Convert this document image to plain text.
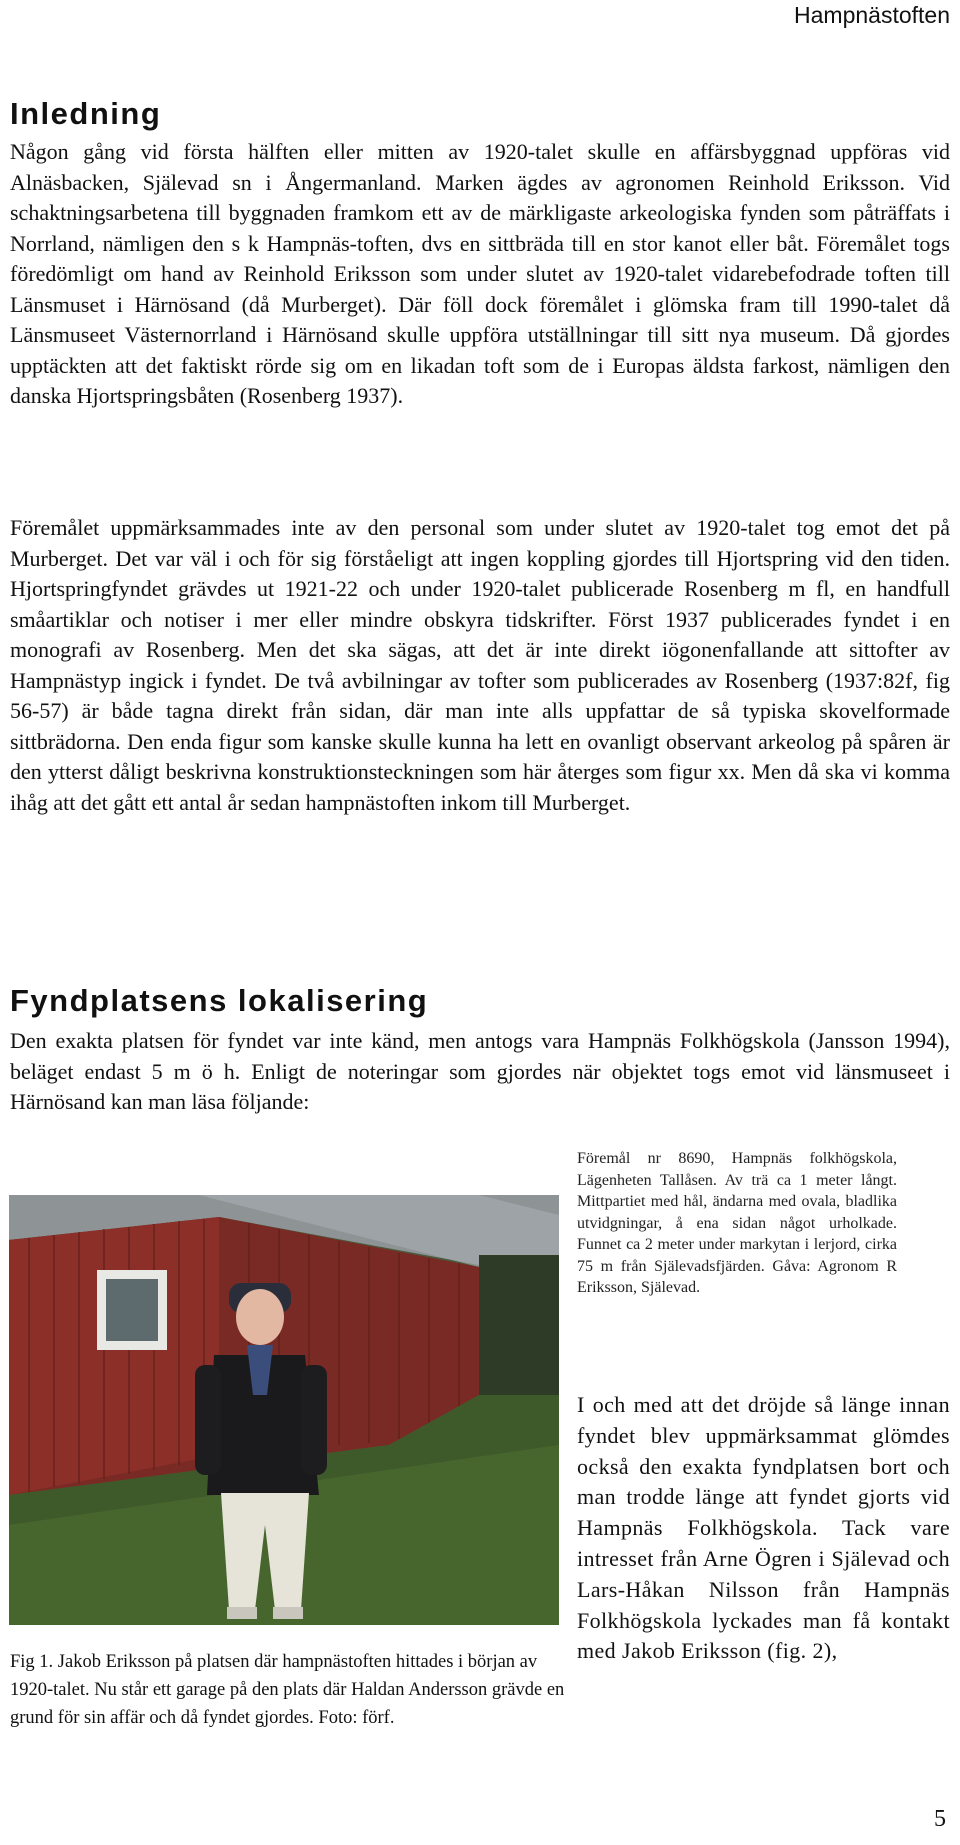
Hampnästoften
Inledning

Någon gång vid första hälften eller mitten av 1920-talet skulle en affärsbyggnad uppföras vid Alnäsbacken, Själevad sn i Ångermanland. Marken ägdes av agronomen Reinhold Eriksson. Vid schaktningsarbetena till byggnaden framkom ett av de märkligaste arkeologiska fynden som påträffats i Norrland, nämligen den s k Hampnäs-toften, dvs en sittbräda till en stor kanot eller båt. Föremålet togs föredömligt om hand av Reinhold Eriksson som under slutet av 1920-talet vidarebefodrade toften till Länsmuset i Härnösand (då Murberget). Där föll dock föremålet i glömska fram till 1990-talet då Länsmuseet Västernorrland i Härnösand skulle uppföra utställningar till sitt nya museum. Då gjordes upptäckten att det faktiskt rörde sig om en likadan toft som de i Europas äldsta farkost, nämligen den danska Hjortspringsbåten (Rosenberg 1937).

Föremålet uppmärksammades inte av den personal som under slutet av 1920-talet tog emot det på Murberget. Det var väl i och för sig förståeligt att ingen koppling gjordes till Hjortspring vid den tiden. Hjortspringfyndet grävdes ut 1921-22 och under 1920-talet publicerade Rosenberg m fl, en handfull småartiklar och notiser i mer eller mindre obskyra tidskrifter. Först 1937 publicerades fyndet i en monografi av Rosenberg. Men det ska sägas, att det är inte direkt iögonenfallande att sittofter av Hampnästyp ingick i fyndet. De två avbilningar av tofter som publicerades av Rosenberg (1937:82f, fig 56-57) är både tagna direkt från sidan, där man inte alls uppfattar de så typiska skovelformade sittbrädorna. Den enda figur som kanske skulle kunna ha lett en ovanligt observant arkeolog på spåren är den ytterst dåligt beskrivna konstruktionsteckningen som här återges som figur xx. Men då ska vi komma ihåg att det gått ett antal år sedan hampnästoften inkom till Murberget.

Fyndplatsens lokalisering

Den exakta platsen för fyndet var inte känd, men antogs vara Hampnäs Folkhögskola (Jansson 1994), beläget endast 5 m ö h. Enligt de noteringar som gjordes när objektet togs emot vid länsmuseet i Härnösand kan man läsa följande:

Fig 1. Jakob Eriksson på platsen där hampnästoften hittades i början av 1920-talet. Nu står ett garage på den plats där Haldan Andersson grävde en grund för sin affär och då fyndet gjordes. Foto: förf.

Föremål nr 8690, Hampnäs folkhögskola, Lägenheten Tallåsen. Av trä ca 1 meter långt. Mittpartiet med hål, ändarna med ovala, bladlika utvidgningar, å ena sidan något urholkade. Funnet ca 2 meter under markytan i lerjord, cirka 75 m från Själevadsfjärden. Gåva: Agronom R Eriksson, Själevad.

I och med att det dröjde så länge innan fyndet blev uppmärksammat glömdes också den exakta fyndplatsen bort och man trodde länge att fyndet gjorts vid Hampnäs Folkhögskola. Tack vare intresset från Arne Ögren i Själevad och Lars-Håkan Nilsson från Hampnäs Folkhögskola lyckades man få kontakt med Jakob Eriksson (fig. 2),

5
